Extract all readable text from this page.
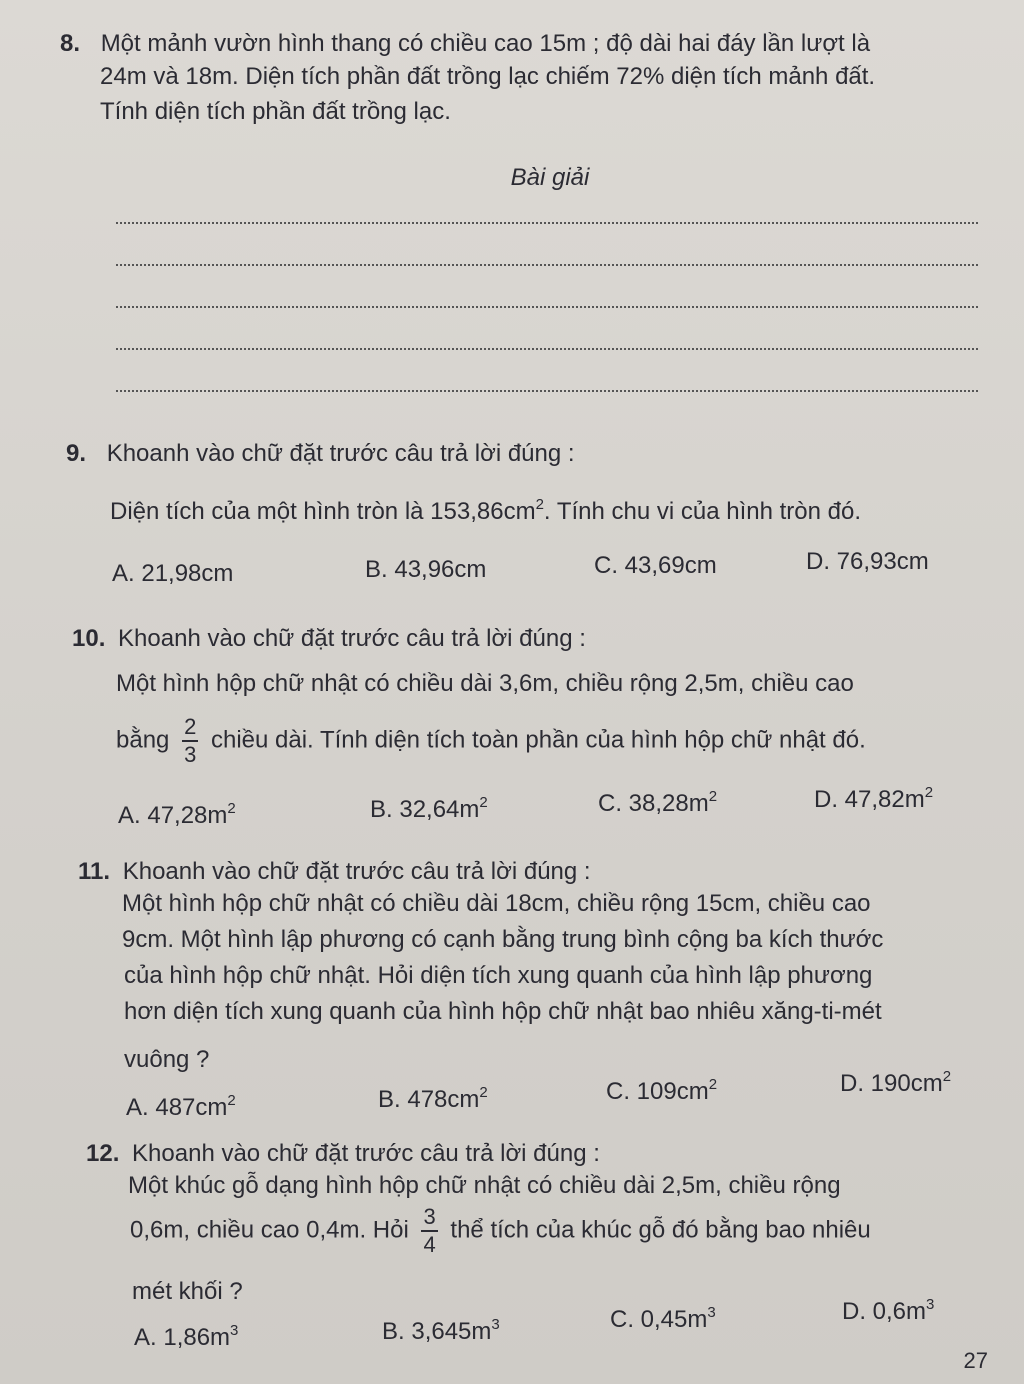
8. Một mảnh vườn hình thang có chiều cao 15m ; độ dài hai đáy lần lượt là
24m và 18m. Diện tích phần đất trồng lạc chiếm 72% diện tích mảnh đất.
Tính diện tích phần đất trồng lạc.
Bài giải
9. Khoanh vào chữ đặt trước câu trả lời đúng :
Diện tích của một hình tròn là $153,86cm^2$. Tính chu vi của hình tròn đó.
A. 21,98cm	B. 43,96cm	C. 43,69cm	D. 76,93cm
10. Khoanh vào chữ đặt trước câu trả lời đúng :
Một hình hộp chữ nhật có chiều dài 3,6m, chiều rộng 2,5m, chiều cao
bằng $\frac{2}{3}$ chiều dài. Tính diện tích toàn phần của hình hộp chữ nhật đó.
A. $47,28m^2$	B. $32,64m^2$	C. $38,28m^2$	D. $47,82m^2$
11. Khoanh vào chữ đặt trước câu trả lời đúng :
Một hình hộp chữ nhật có chiều dài 18cm, chiều rộng 15cm, chiều cao
9cm. Một hình lập phương có cạnh bằng trung bình cộng ba kích thước
của hình hộp chữ nhật. Hỏi diện tích xung quanh của hình lập phương
hơn diện tích xung quanh của hình hộp chữ nhật bao nhiêu xăng-ti-mét
vuông ?
A. $487cm^2$	B. $478cm^2$	C. $109cm^2$	D. $190cm^2$
12. Khoanh vào chữ đặt trước câu trả lời đúng :
Một khúc gỗ dạng hình hộp chữ nhật có chiều dài 2,5m, chiều rộng
0,6m, chiều cao 0,4m. Hỏi $\frac{3}{4}$ thể tích của khúc gỗ đó bằng bao nhiêu
mét khối ?
A. $1,86m^3$	B. $3,645m^3$	C. $0,45m^3$	D. $0,6m^3$
27
